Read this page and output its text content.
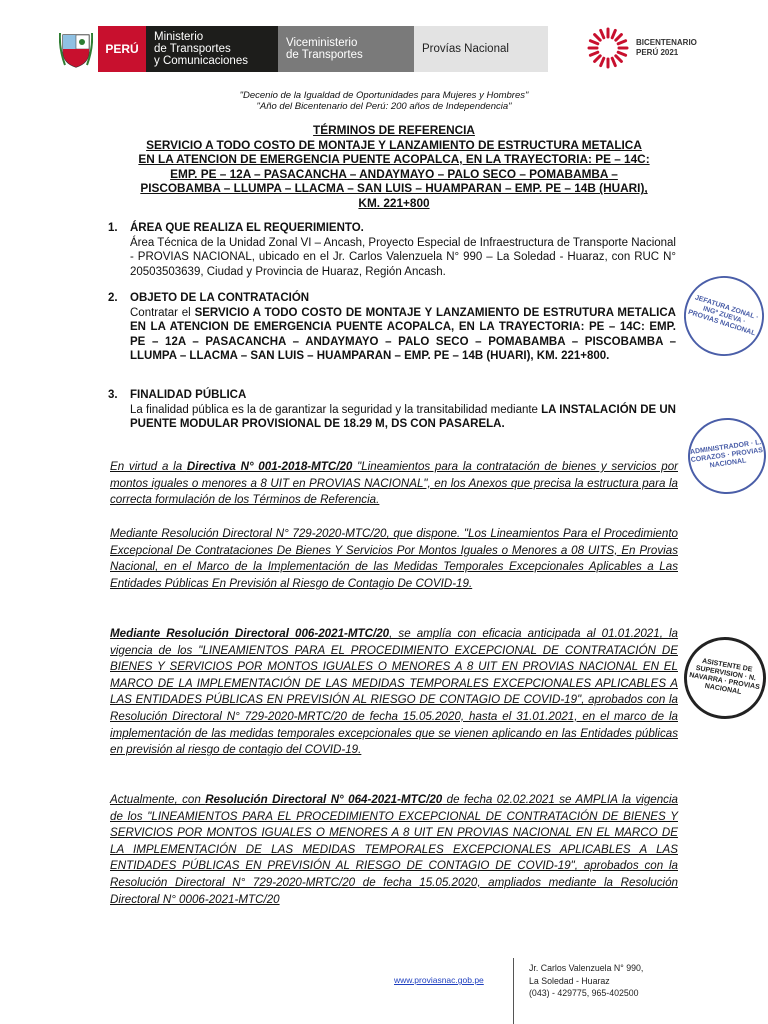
PERÚ
Ministerio
de Transportes
y Comunicaciones
Viceministerio
de Transportes	Provías Nacional
BICENTENARIO
PERÚ 2021
"Decenio de la Igualdad de Oportunidades para Mujeres y Hombres"
"Año del Bicentenario del Perú: 200 años de Independencia"
TÉRMINOS DE REFERENCIA
SERVICIO A TODO COSTO DE MONTAJE Y LANZAMIENTO DE ESTRUCTURA METALICA
EN LA ATENCION DE EMERGENCIA PUENTE ACOPALCA, EN LA TRAYECTORIA: PE – 14C:
EMP. PE – 12A – PASACANCHA – ANDAYMAYO – PALO SECO – POMABAMBA –
PISCOBAMBA – LLUMPA – LLACMA – SAN LUIS – HUAMPARAN – EMP. PE – 14B (HUARI),
KM. 221+800
1.	ÁREA QUE REALIZA EL REQUERIMIENTO.
Área Técnica de la Unidad Zonal VI – Ancash, Proyecto Especial de Infraestructura de Transporte Nacional - PROVIAS NACIONAL, ubicado en el Jr. Carlos Valenzuela N° 990 – La Soledad - Huaraz, con RUC N° 20503503639, Ciudad y Provincia de Huaraz, Región Ancash.
2.	OBJETO DE LA CONTRATACIÓN
Contratar el SERVICIO A TODO COSTO DE MONTAJE Y LANZAMIENTO DE ESTRUTURA METALICA EN LA ATENCION DE EMERGENCIA PUENTE ACOPALCA, EN LA TRAYECTORIA: PE – 14C: EMP. PE – 12A – PASACANCHA – ANDAYMAYO – PALO SECO – POMABAMBA – PISCOBAMBA – LLUMPA – LLACMA – SAN LUIS – HUAMPARAN – EMP. PE – 14B (HUARI), KM. 221+800.
3.	FINALIDAD PÚBLICA
La finalidad pública es la de garantizar la seguridad y la transitabilidad mediante LA INSTALACIÓN DE UN PUENTE MODULAR PROVISIONAL DE 18.29 M, DS CON PASARELA.
En virtud a la Directiva N° 001-2018-MTC/20 "Lineamientos para la contratación de bienes y servicios por montos iguales o menores a 8 UIT en PROVIAS NACIONAL", en los Anexos que precisa la estructura para la correcta formulación de los Términos de Referencia.
Mediante Resolución Directoral N° 729-2020-MTC/20, que dispone. "Los Lineamientos Para el Procedimiento Excepcional De Contrataciones De Bienes Y Servicios Por Montos Iguales o Menores a 08 UITS, En Provias Nacional, en el Marco de la Implementación de las Medidas Temporales Excepcionales Aplicables a Las Entidades Públicas En Previsión al Riesgo de Contagio De COVID-19.
Mediante Resolución Directoral 006-2021-MTC/20, se amplía con eficacia anticipada al 01.01.2021, la vigencia de los "LINEAMIENTOS PARA EL PROCEDIMIENTO EXCEPCIONAL DE CONTRATACIÓN DE BIENES Y SERVICIOS POR MONTOS IGUALES O MENORES A 8 UIT EN PROVIAS NACIONAL EN EL MARCO DE LA IMPLEMENTACIÓN DE LAS MEDIDAS TEMPORALES EXCEPCIONALES APLICABLES A LAS ENTIDADES PÚBLICAS EN PREVISIÓN AL RIESGO DE CONTAGIO DE COVID-19", aprobados con la Resolución Directoral N° 729-2020-MRTC/20 de fecha 15.05.2020, hasta el 31.01.2021, en el marco de la implementación de las medidas temporales excepcionales que se vienen aplicando en las Entidades públicas en previsión al riesgo de contagio del COVID-19.
Actualmente, con Resolución Directoral N° 064-2021-MTC/20 de fecha 02.02.2021 se AMPLIA la vigencia de los "LINEAMIENTOS PARA EL PROCEDIMIENTO EXCEPCIONAL DE CONTRATACIÓN DE BIENES Y SERVICIOS POR MONTOS IGUALES O MENORES A 8 UIT EN PROVIAS NACIONAL EN EL MARCO DE LA IMPLEMENTACIÓN DE LAS MEDIDAS TEMPORALES EXCEPCIONALES APLICABLES A LAS ENTIDADES PÚBLICAS EN PREVISIÓN AL RIESGO DE CONTAGIO DE COVID-19", aprobados con la Resolución Directoral N° 729-2020-MRTC/20 de fecha 15.05.2020, ampliados mediante la Resolución Directoral N° 0006-2021-MTC/20
JEFATURA ZONAL · INGº ZUEVA · PROVIAS NACIONAL
ADMINISTRADOR · L. CORAZOS · PROVIAS NACIONAL
ASISTENTE DE SUPERVISION · N. NAVARRA · PROVIAS NACIONAL
www.proviasnac.gob.pe
Jr. Carlos Valenzuela N° 990,
La Soledad - Huaraz
(043) - 429775, 965-402500
